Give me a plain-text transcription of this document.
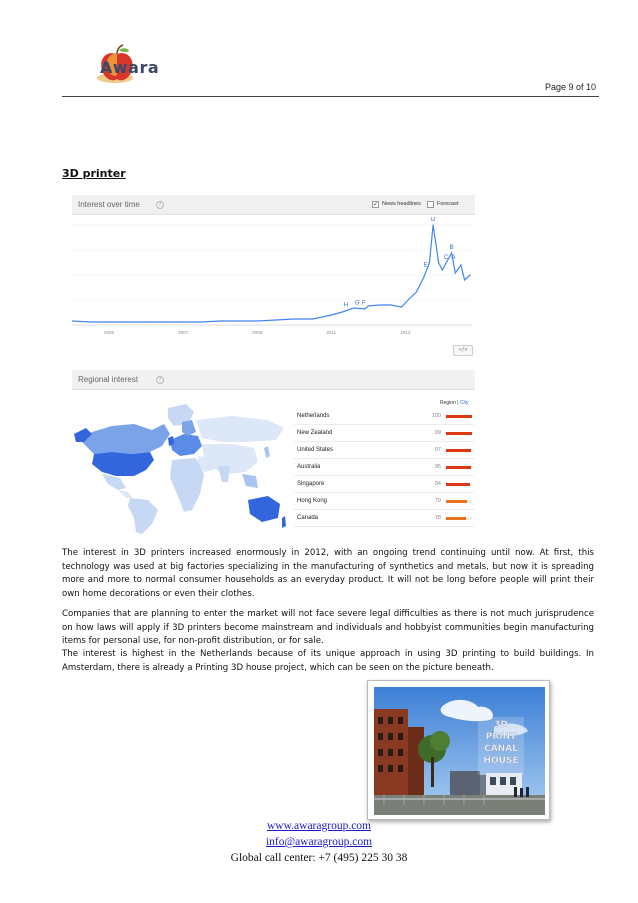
Awara
Page 9 of 10
3D printer
Interest over time	?	✓ News headlines	Forecast
2005	2007	2009	2011	2013
H G F
E
D
C
B
A
</>
Regional interest	?
Region | City
Netherlands	100
New Zealand	99
United States	97
Australia	95
Singapore	94
Hong Kong	79
Canada	78
The interest in 3D printers increased enormously in 2012, with an ongoing trend continuing until now. At first, this technology was used at big factories specializing in the manufacturing of synthetics and metals, but now it is spreading more and more to normal consumer households as an everyday product. It will not be long before people will print their own home decorations or even their clothes.
Companies that are planning to enter the market will not face severe legal difficulties as there is not much jurisprudence on how laws will apply if 3D printers become mainstream and individuals and hobbyist communities begin manufacturing items for personal use, for non-profit distribution, or for sale.
The interest is highest in the Netherlands because of its unique approach in using 3D printing to build buildings. In Amsterdam, there is already a Printing 3D house project, which can be seen on the picture beneath.
3D
PRINT
CANAL
HOUSE
www.awaragroup.com
info@awaragroup.com
Global call center: +7 (495) 225 30 38
